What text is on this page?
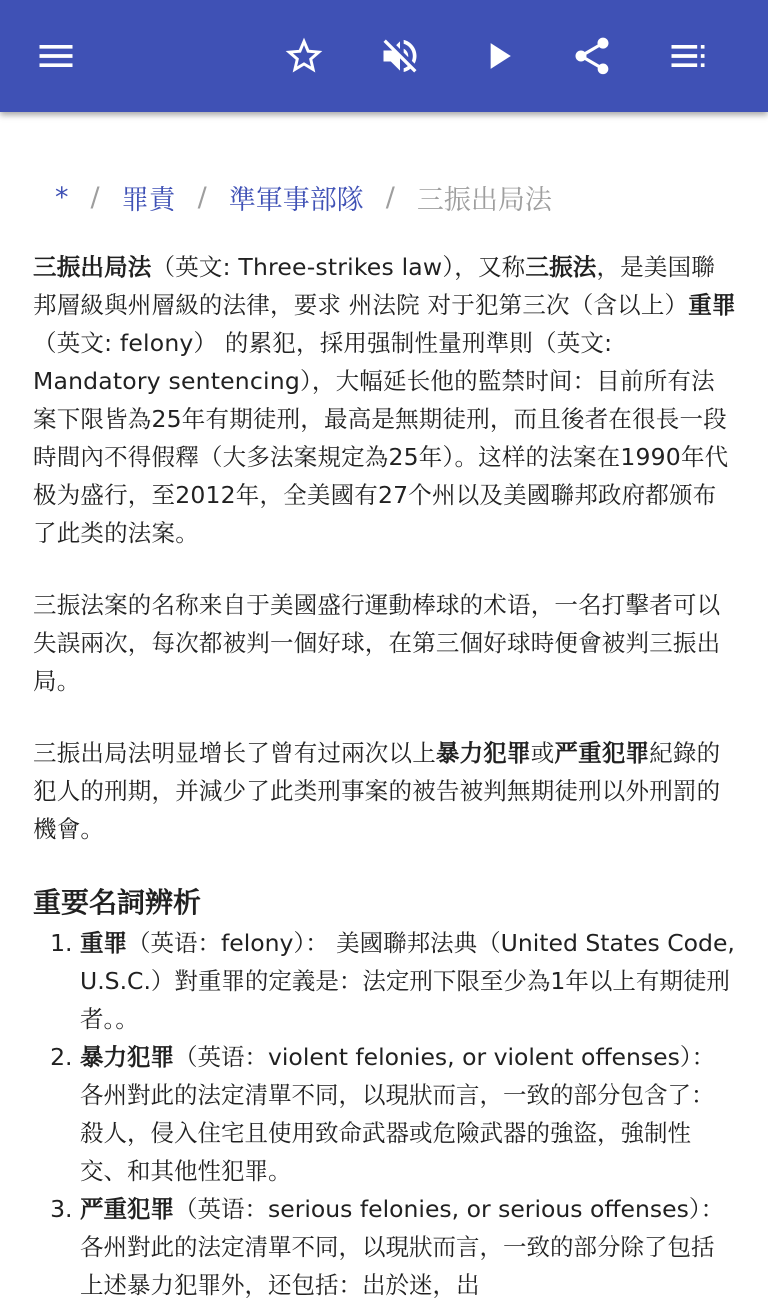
* / 罪責 / 準軍事部隊 / 三振出局法

三振出局法（英文: Three-strikes law），又称三振法，是美国聯邦層級與州層級的法律，要求 州法院 对于犯第三次（含以上）重罪（英文: felony） 的累犯，採用强制性量刑準則（英文: Mandatory sentencing），大幅延长他的監禁时间：目前所有法案下限皆為25年有期徒刑，最高是無期徒刑，而且後者在很長一段時間內不得假釋（大多法案規定為25年）。这样的法案在1990年代极为盛行，至2012年，全美國有27个州以及美國聯邦政府都颁布了此类的法案。

三振法案的名称来自于美國盛行運動棒球的术语，一名打擊者可以失誤兩次，每次都被判一個好球，在第三個好球時便會被判三振出局。

三振出局法明显增长了曾有过兩次以上暴力犯罪或严重犯罪紀錄的犯人的刑期，并減少了此类刑事案的被告被判無期徒刑以外刑罰的機會。

重要名詞辨析
1. 重罪（英语：felony）： 美國聯邦法典（United States Code, U.S.C.）對重罪的定義是：法定刑下限至少為1年以上有期徒刑者。。
2. 暴力犯罪（英语：violent felonies, or violent offenses）： 各州對此的法定清單不同，以現狀而言，一致的部分包含了：殺人，侵入住宅且使用致命武器或危險武器的強盜，強制性交、和其他性犯罪。
3. 严重犯罪（英语：serious felonies, or serious offenses）： 各州對此的法定清單不同，以現狀而言，一致的部分除了包括上述暴力犯罪外，还包括：岀於迷，岀
